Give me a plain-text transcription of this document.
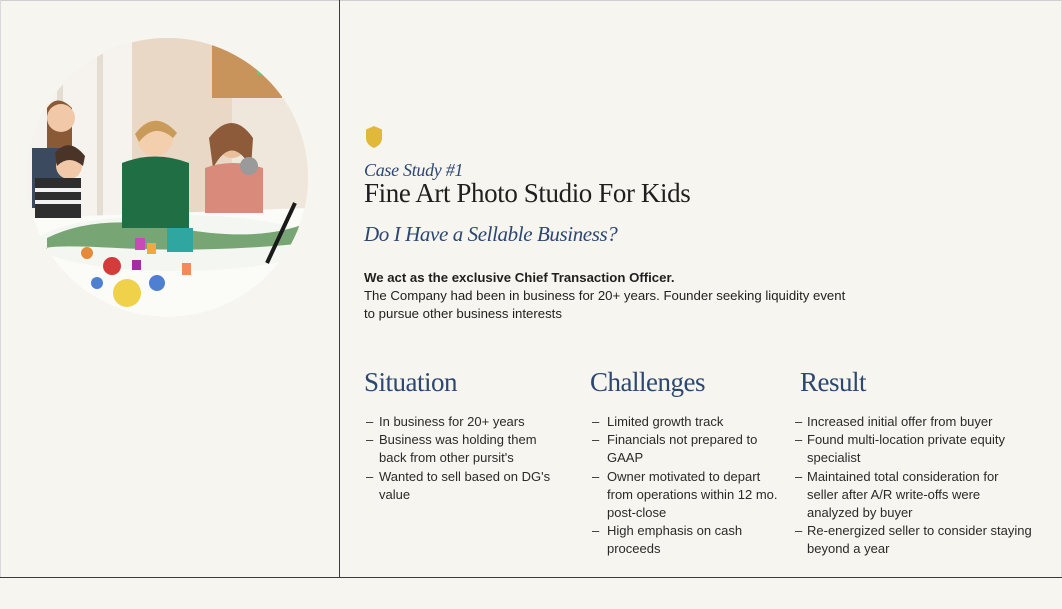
Case Study #1
Fine Art Photo Studio For Kids
Do I Have a Sellable Business?
We act as the exclusive Chief Transaction Officer.
The Company had been in business for 20+ years. Founder seeking liquidity event
to pursue other business interests
Situation
– In business for 20+ years
– Business was holding them back from other pursit's
– Wanted to sell based on DG's value
Challenges
– Limited growth track
– Financials not prepared to GAAP
– Owner motivated to depart from operations within 12 mo. post-close
– High emphasis on cash proceeds
Result
– Increased initial offer from buyer
– Found multi-location private equity specialist
– Maintained total consideration for seller after A/R write-offs were analyzed by buyer
– Re-energized seller to consider staying beyond a year
